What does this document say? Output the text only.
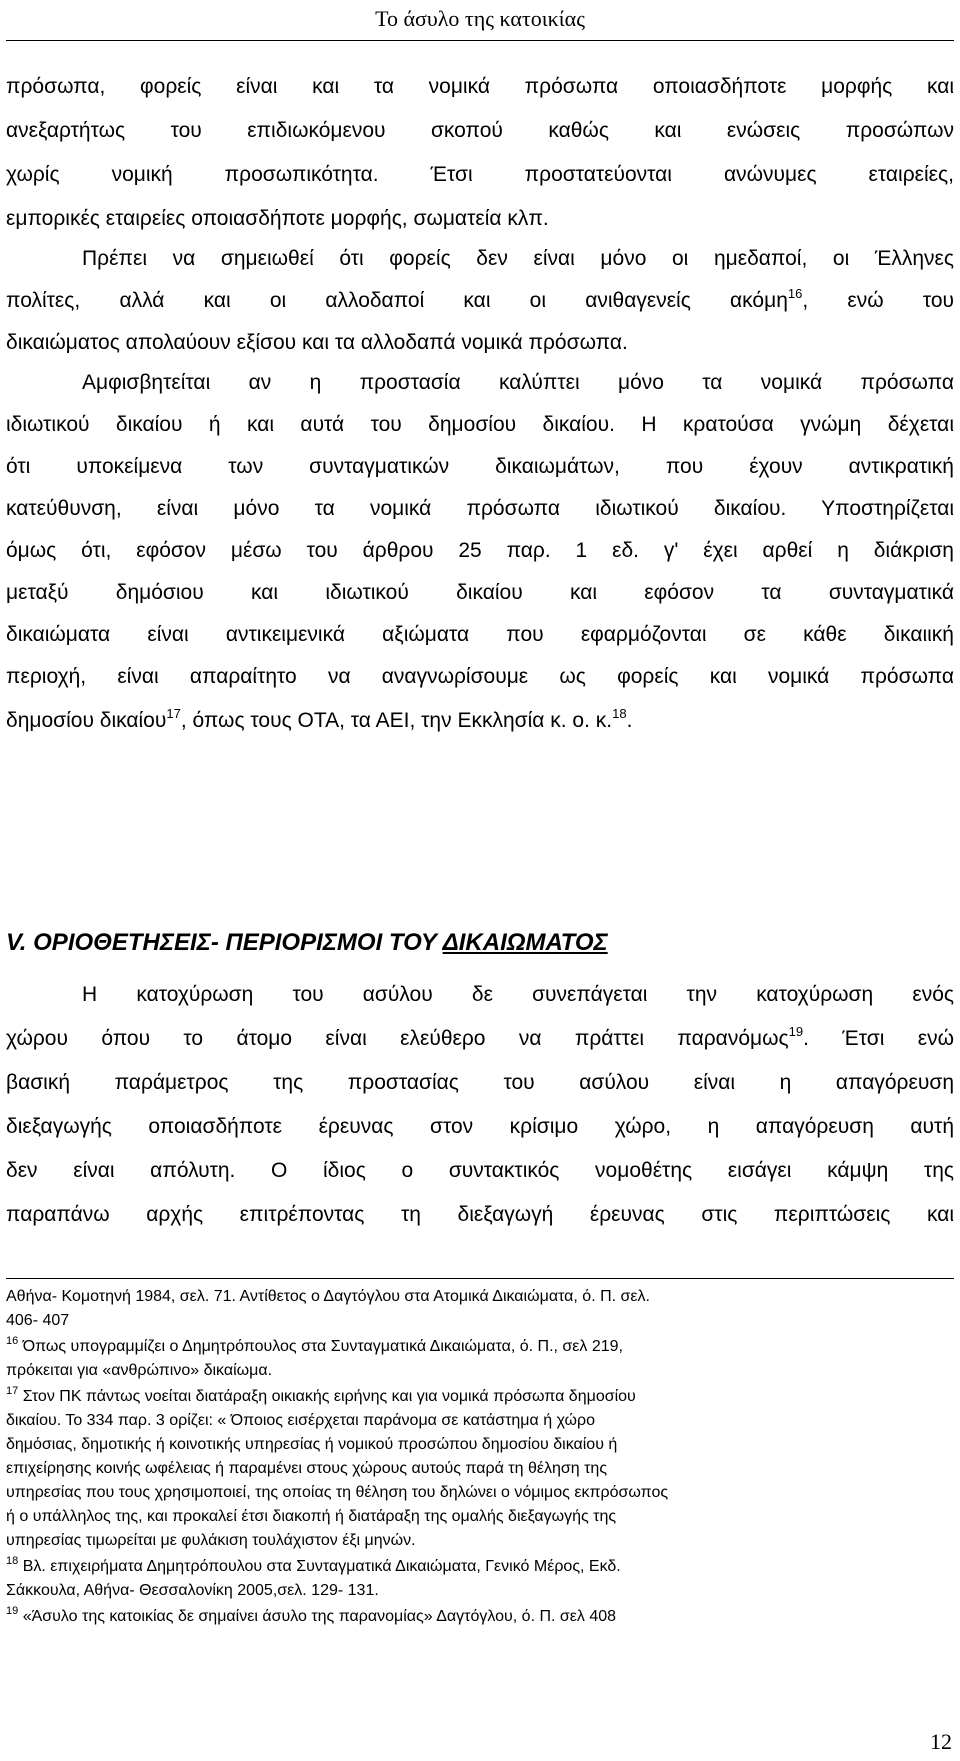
Το άσυλο της κατοικίας
πρόσωπα, φορείς είναι και τα νομικά πρόσωπα οποιασδήποτε μορφής και
ανεξαρτήτως του επιδιωκόμενου σκοπού καθώς και ενώσεις προσώπων
χωρίς νομική προσωπικότητα. Έτσι προστατεύονται ανώνυμες εταιρείες,
εμπορικές εταιρείες οποιασδήποτε μορφής, σωματεία κλπ.
Πρέπει να σημειωθεί ότι φορείς δεν είναι μόνο οι ημεδαποί, οι Έλληνες
πολίτες, αλλά και οι αλλοδαποί και οι ανιθαγενείς ακόμη$^{16}$, ενώ του
δικαιώματος απολαύουν εξίσου και τα αλλοδαπά νομικά πρόσωπα.
Αμφισβητείται αν η προστασία καλύπτει μόνο τα νομικά πρόσωπα
ιδιωτικού δικαίου ή και αυτά του δημοσίου δικαίου. Η κρατούσα γνώμη δέχεται
ότι υποκείμενα των συνταγματικών δικαιωμάτων, που έχουν αντικρατική
κατεύθυνση, είναι μόνο τα νομικά πρόσωπα ιδιωτικού δικαίου. Υποστηρίζεται
όμως ότι, εφόσον μέσω του άρθρου 25 παρ. 1 εδ. γ' έχει αρθεί η διάκριση
μεταξύ δημόσιου και ιδιωτικού δικαίου και εφόσον τα συνταγματικά
δικαιώματα είναι αντικειμενικά αξιώματα που εφαρμόζονται σε κάθε δικαιική
περιοχή, είναι απαραίτητο να αναγνωρίσουμε ως φορείς και νομικά πρόσωπα
δημοσίου δικαίου$^{17}$, όπως τους ΟΤΑ, τα ΑΕΙ, την Εκκλησία κ. ο. κ.$^{18}$.
V. ΟΡΙΟΘΕΤΗΣΕΙΣ- ΠΕΡΙΟΡΙΣΜΟΙ ΤΟΥ ΔΙΚΑΙΩΜΑΤΟΣ
Η κατοχύρωση του ασύλου δε συνεπάγεται την κατοχύρωση ενός
χώρου όπου το άτομο είναι ελεύθερο να πράττει παρανόμως$^{19}$. Έτσι ενώ
βασική παράμετρος της προστασίας του ασύλου είναι η απαγόρευση
διεξαγωγής οποιασδήποτε έρευνας στον κρίσιμο χώρο, η απαγόρευση αυτή
δεν είναι απόλυτη. Ο ίδιος ο συντακτικός νομοθέτης εισάγει κάμψη της
παραπάνω αρχής επιτρέποντας τη διεξαγωγή έρευνας στις περιπτώσεις και
Αθήνα- Κομοτηνή 1984, σελ. 71. Αντίθετος ο Δαγτόγλου στα Ατομικά Δικαιώματα, ό. Π. σελ.
406- 407
$^{16}$ Όπως υπογραμμίζει ο Δημητρόπουλος στα Συνταγματικά Δικαιώματα, ό. Π., σελ 219,
πρόκειται για «ανθρώπινο» δικαίωμα.
$^{17}$ Στον ΠΚ πάντως νοείται διατάραξη οικιακής ειρήνης και για νομικά πρόσωπα δημοσίου
δικαίου. Το 334 παρ. 3 ορίζει: « Όποιος εισέρχεται παράνομα σε κατάστημα ή χώρο
δημόσιας, δημοτικής ή κοινοτικής υπηρεσίας ή νομικού προσώπου δημοσίου δικαίου ή
επιχείρησης κοινής ωφέλειας ή παραμένει στους χώρους αυτούς παρά τη θέληση της
υπηρεσίας που τους χρησιμοποιεί, της οποίας τη θέληση του δηλώνει ο νόμιμος εκπρόσωπος
ή ο υπάλληλος της, και προκαλεί έτσι διακοπή ή διατάραξη της ομαλής διεξαγωγής της
υπηρεσίας τιμωρείται με φυλάκιση τουλάχιστον έξι μηνών.
$^{18}$ Βλ. επιχειρήματα Δημητρόπουλου στα Συνταγματικά Δικαιώματα, Γενικό Μέρος, Εκδ.
Σάκκουλα, Αθήνα- Θεσσαλονίκη 2005,σελ. 129- 131.
$^{19}$ «Άσυλο της κατοικίας δε σημαίνει άσυλο της παρανομίας» Δαγτόγλου, ό. Π. σελ 408
12
